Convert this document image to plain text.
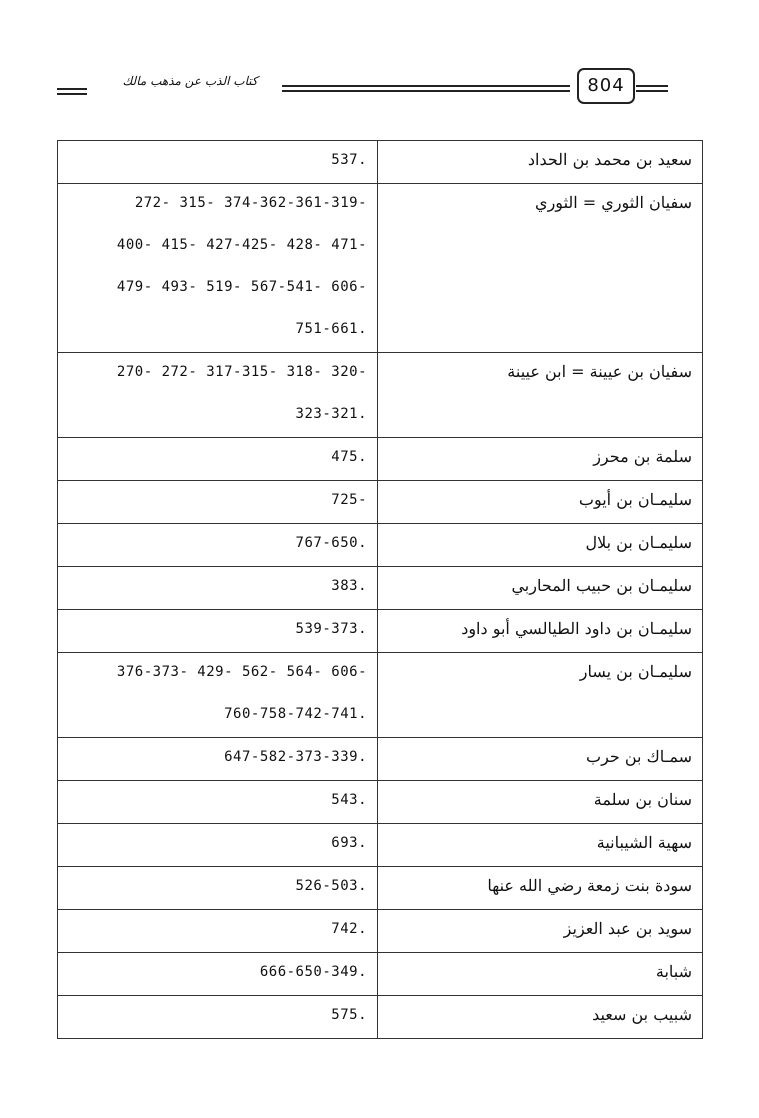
كتاب الذب عن مذهب مالك	804
.537	سعيد بن محمد بن الحداد

-374-362-361-319 -315 -272
-471 -428 -427-425 -415 -400
-606 -567-541 -519 -493 -479
.751-661	سفيان الثوري = الثوري

-320 -318 -317-315 -272 -270
.323-321	سفيان بن عيينة = ابن عيينة

.475	سلمة بن محرز

-725	سليمـان بن أيوب

.767-650	سليمـان بن بلال

.383	سليمـان بن حبيب المحاربي

.539-373	سليمـان بن داود الطيالسي أبو داود

-606 -564 -562 -429 -376-373
.760-758-742-741	سليمـان بن يسار

.647-582-373-339	سمـاك بن حرب

.543	سنان بن سلمة

.693	سهية الشيبانية

.526-503	سودة بنت زمعة رضي الله عنها

.742	سويد بن عبد العزيز

.666-650-349	شبابة

.575	شبيب بن سعيد
